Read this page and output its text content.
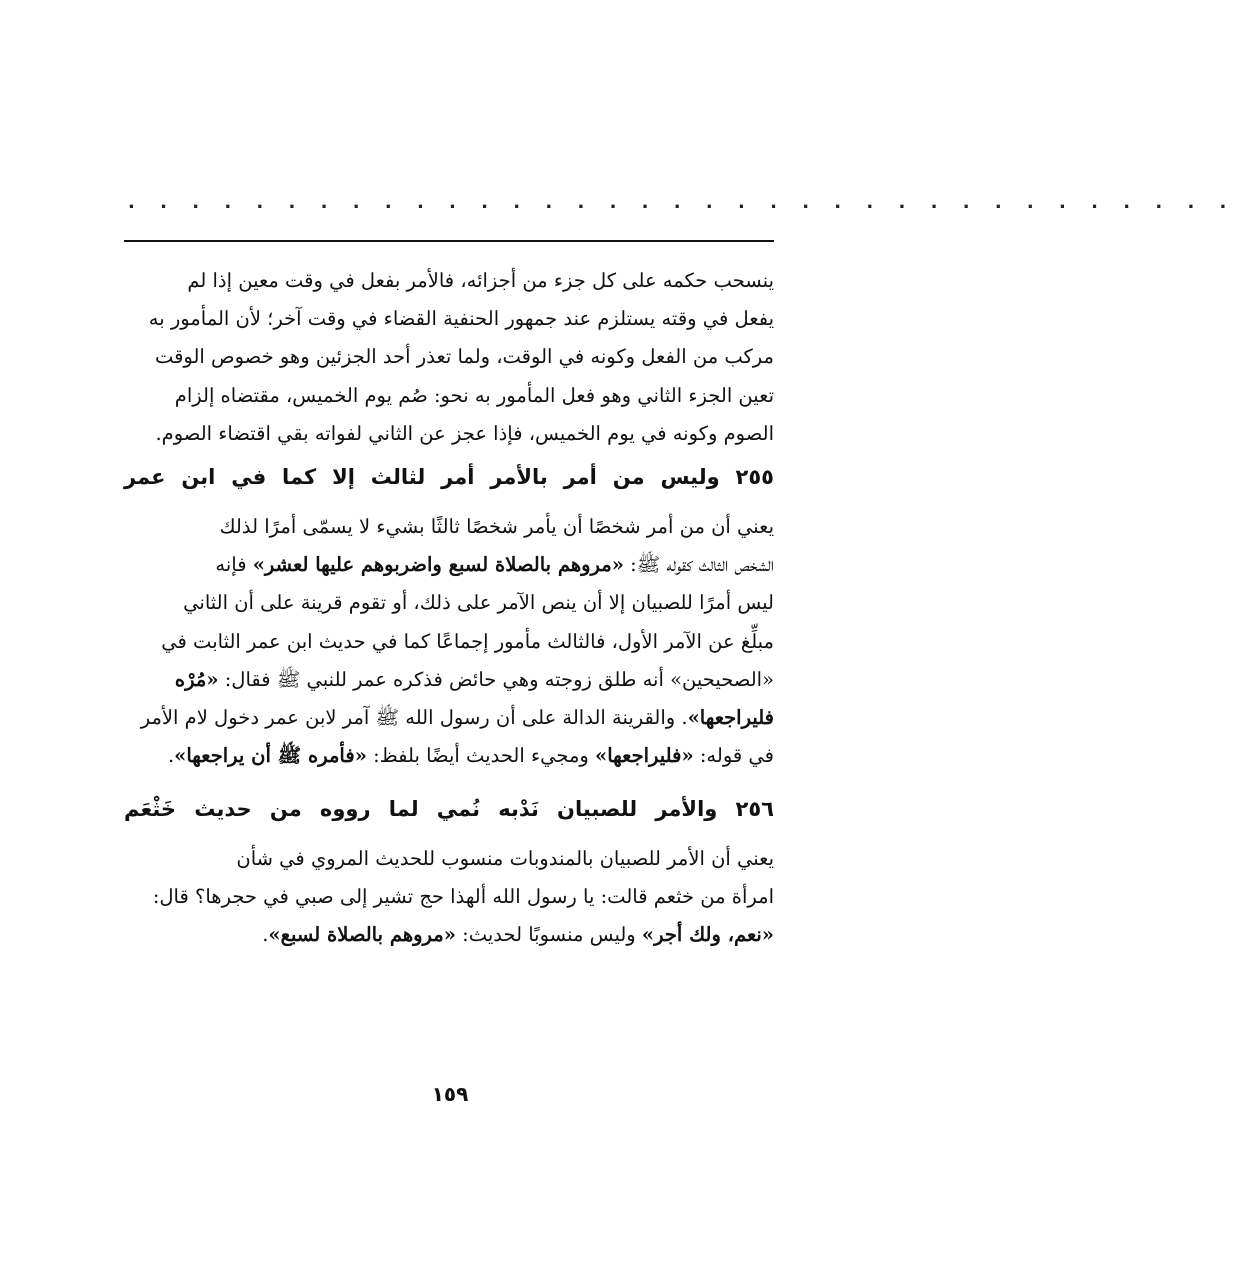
. . . . . . . . . . . . . . . . . . . . . . . . . . . . . . . . . . .
ينسحب حكمه على كل جزء من أجزائه، فالأمر بفعل في وقت معين إذا لم
يفعل في وقته يستلزم عند جمهور الحنفية القضاء في وقت آخر؛ لأن المأمور به
مركب من الفعل وكونه في الوقت، ولما تعذر أحد الجزئين وهو خصوص الوقت
تعين الجزء الثاني وهو فعل المأمور به نحو: صُم يوم الخميس، مقتضاه إلزام
الصوم وكونه في يوم الخميس، فإذا عجز عن الثاني لفواته بقي اقتضاء الصوم.
٢٥٥ وليس من أمر بالأمر أمر لثالث إلا كما في ابن عمر
يعني أن من أمر شخصًا أن يأمر شخصًا ثالثًا بشيء لا يسمّى أمرًا لذلك
الشخص الثالث كقوله ﷺ: «مروهم بالصلاة لسبع واضربوهم عليها لعشر» فإنه
ليس أمرًا للصبيان إلا أن ينص الآمر على ذلك، أو تقوم قرينة على أن الثاني
مبلِّغ عن الآمر الأول، فالثالث مأمور إجماعًا كما في حديث ابن عمر الثابت في
«الصحيحين» أنه طلق زوجته وهي حائض فذكره عمر للنبي ﷺ فقال: «مُرْه
فليراجعها». والقرينة الدالة على أن رسول الله ﷺ آمر لابن عمر دخول لام الأمر
في قوله: «فليراجعها» ومجيء الحديث أيضًا بلفظ: «فأمره ﷺ أن يراجعها».
٢٥٦ والأمر للصبيان نَدْبه نُمي لما رووه من حديث خَثْعَم
يعني أن الأمر للصبيان بالمندوبات منسوب للحديث المروي في شأن
امرأة من خثعم قالت: يا رسول الله ألهذا حج تشير إلى صبي في حجرها؟ قال:
«نعم، ولك أجر» وليس منسوبًا لحديث: «مروهم بالصلاة لسبع».
١٥٩
